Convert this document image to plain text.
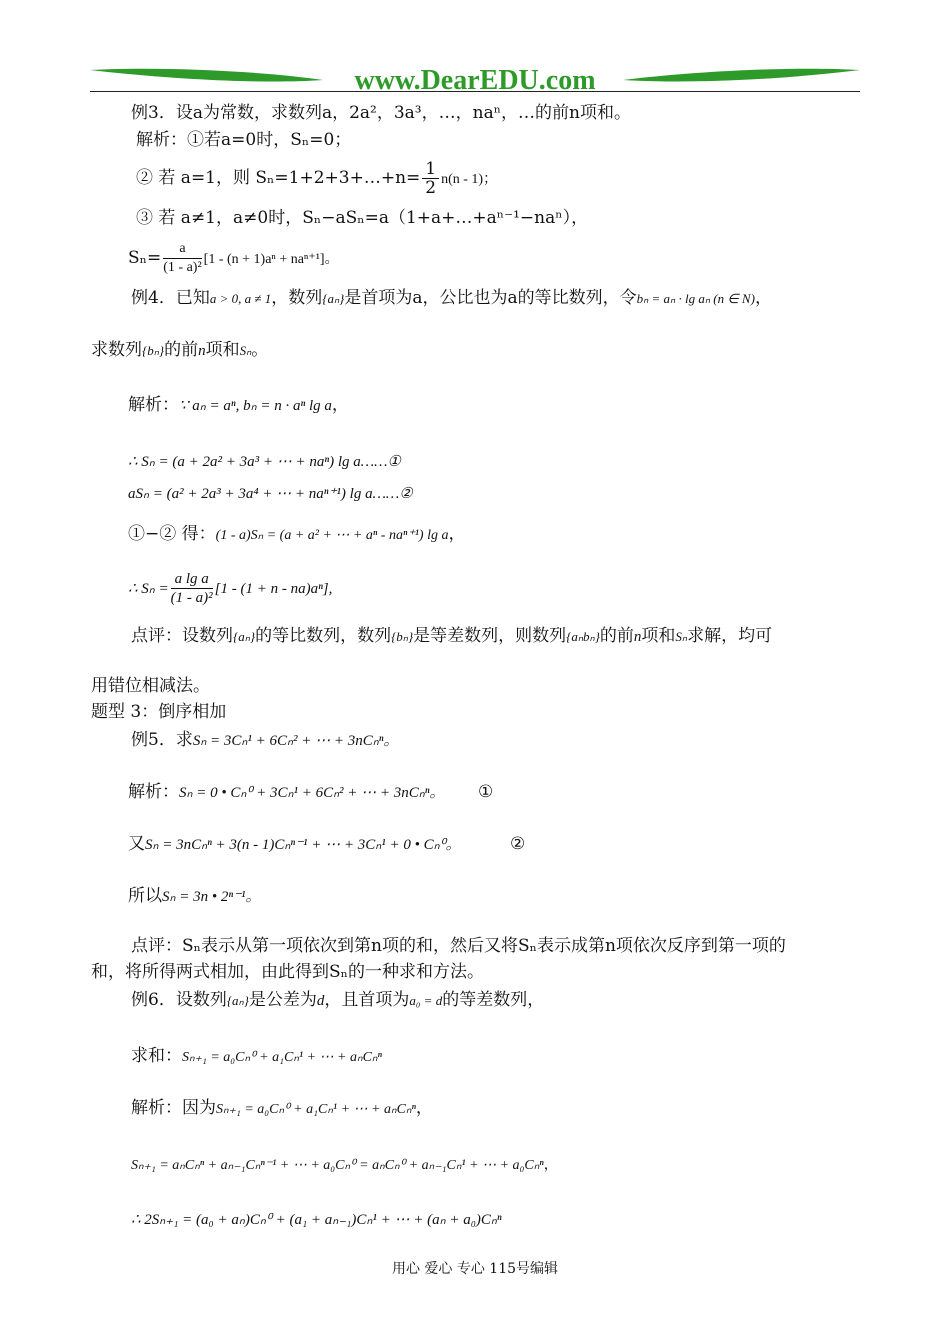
www.DearEDU.com
例3．设a为常数，求数列a，2a²，3a³，…，naⁿ，…的前n项和。
解析：①若a=0时，Sₙ=0；
② 若 a=1，则 Sₙ=1+2+3+…+n= $\frac{1}{2} n(n - 1)$；
③ 若 a≠1，a≠0时，Sₙ−aSₙ=a（1+a+…+aⁿ⁻¹−naⁿ），
$S_n= \frac{a}{\text{(1 - a)²}} [1 - (n + 1)a^n + na^{n+1}]$。
例4．已知a > 0, a ≠ 1，数列{aₙ}是首项为a，公比也为a的等比数列，令bₙ = aₙ · lg aₙ (n ∈ N)，
求数列{bₙ}的前n项和Sₙ。
解析：∵ aₙ = aⁿ, bₙ = n · aⁿ lg a，
∴ Sₙ = (a + 2a² + 3a³ + ⋯ + naⁿ) lg a……①
aSₙ = (a² + 2a³ + 3a⁴ + ⋯ + naⁿ⁺¹) lg a……②
①−② 得：(1 - a)Sₙ = (a + a² + ⋯ + aⁿ - naⁿ⁺¹) lg a，
∴ $S_n = \frac{\text{a lg a}}{\text{(1 - a)²}} [1 - (1 + n - na)a^n]$,
点评：设数列{aₙ}的等比数列，数列{bₙ}是等差数列，则数列{aₙbₙ}的前n项和Sₙ求解，均可
用错位相减法。
题型 3：倒序相加
例5．求Sₙ = 3Cₙ¹ + 6Cₙ² + ⋯ + 3nCₙⁿ。
解析：Sₙ = 0 • Cₙ⁰ + 3Cₙ¹ + 6Cₙ² + ⋯ + 3nCₙⁿ。 ①
又Sₙ = 3nCₙⁿ + 3(n - 1)Cₙⁿ⁻¹ + ⋯ + 3Cₙ¹ + 0 • Cₙ⁰。	②
所以Sₙ = 3n • 2ⁿ⁻¹。
点评：Sₙ表示从第一项依次到第n项的和，然后又将Sₙ表示成第n项依次反序到第一项的
和，将所得两式相加，由此得到Sₙ的一种求和方法。
例6．设数列{aₙ}是公差为d，且首项为a₀ = d的等差数列，
求和：Sₙ₊₁ = a₀Cₙ⁰ + a₁Cₙ¹ + ⋯ + aₙCₙⁿ
解析：因为Sₙ₊₁ = a₀Cₙ⁰ + a₁Cₙ¹ + ⋯ + aₙCₙⁿ，
Sₙ₊₁ = aₙCₙⁿ + aₙ₋₁Cₙⁿ⁻¹ + ⋯ + a₀Cₙ⁰ = aₙCₙ⁰ + aₙ₋₁Cₙ¹ + ⋯ + a₀Cₙⁿ，
∴ 2Sₙ₊₁ = (a₀ + aₙ)Cₙ⁰ + (a₁ + aₙ₋₁)Cₙ¹ + ⋯ + (aₙ + a₀)Cₙⁿ
用心 爱心 专心 115号编辑
